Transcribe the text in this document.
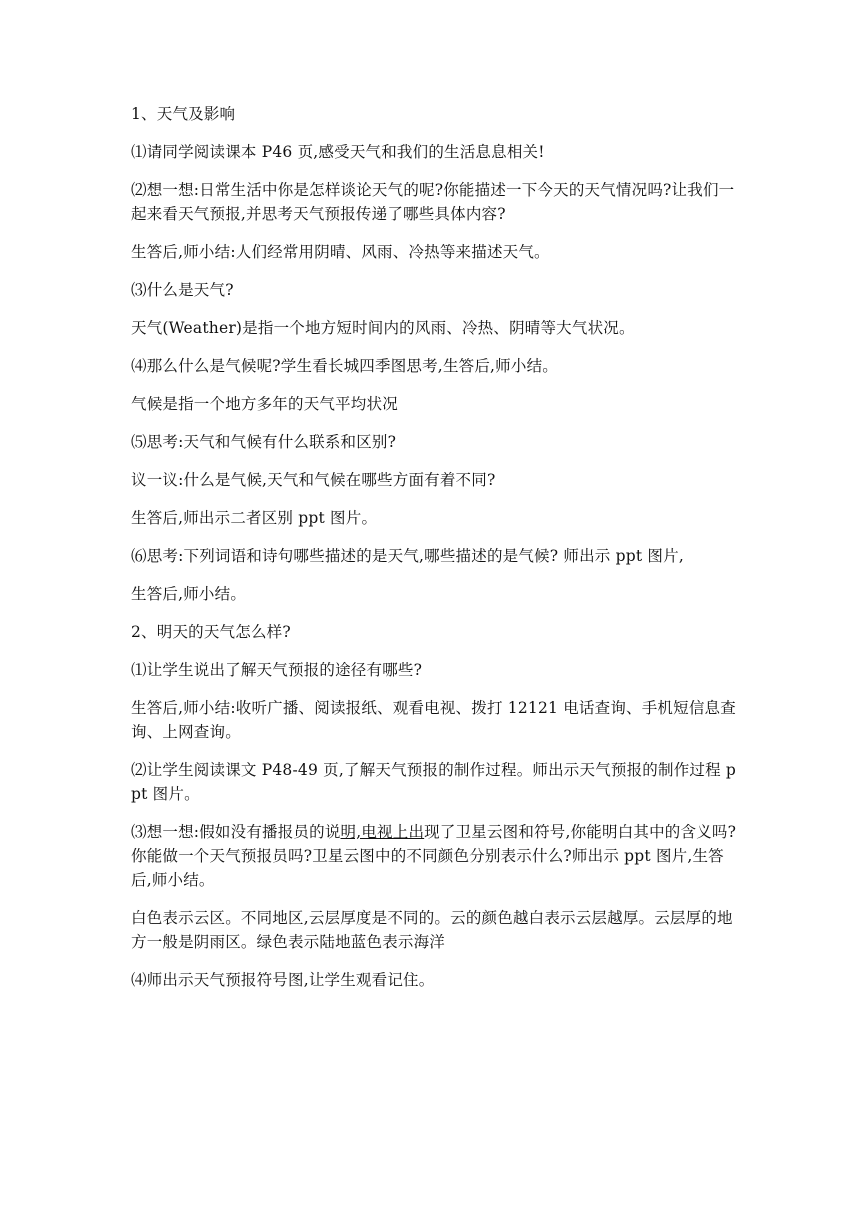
1、天气及影响

⑴请同学阅读课本 P46 页,感受天气和我们的生活息息相关!

⑵想一想:日常生活中你是怎样谈论天气的呢?你能描述一下今天的天气情况吗?让我们一起来看天气预报,并思考天气预报传递了哪些具体内容?

生答后,师小结:人们经常用阴晴、风雨、冷热等来描述天气。

⑶什么是天气?

天气(Weather)是指一个地方短时间内的风雨、冷热、阴晴等大气状况。

⑷那么什么是气候呢?学生看长城四季图思考,生答后,师小结。

气候是指一个地方多年的天气平均状况

⑸思考:天气和气候有什么联系和区别?

议一议:什么是气候,天气和气候在哪些方面有着不同?

生答后,师出示二者区别 ppt 图片。

⑹思考:下列词语和诗句哪些描述的是天气,哪些描述的是气候? 师出示 ppt 图片,

生答后,师小结。

2、明天的天气怎么样?

⑴让学生说出了解天气预报的途径有哪些?

生答后,师小结:收听广播、阅读报纸、观看电视、拨打 12121 电话查询、手机短信息查询、上网查询。

⑵让学生阅读课文 P48-49 页,了解天气预报的制作过程。师出示天气预报的制作过程 ppt 图片。

⑶想一想:假如没有播报员的说明,电视上出现了卫星云图和符号,你能明白其中的含义吗?你能做一个天气预报员吗?卫星云图中的不同颜色分别表示什么?师出示 ppt 图片,生答后,师小结。

白色表示云区。不同地区,云层厚度是不同的。云的颜色越白表示云层越厚。云层厚的地方一般是阴雨区。绿色表示陆地蓝色表示海洋

⑷师出示天气预报符号图,让学生观看记住。
